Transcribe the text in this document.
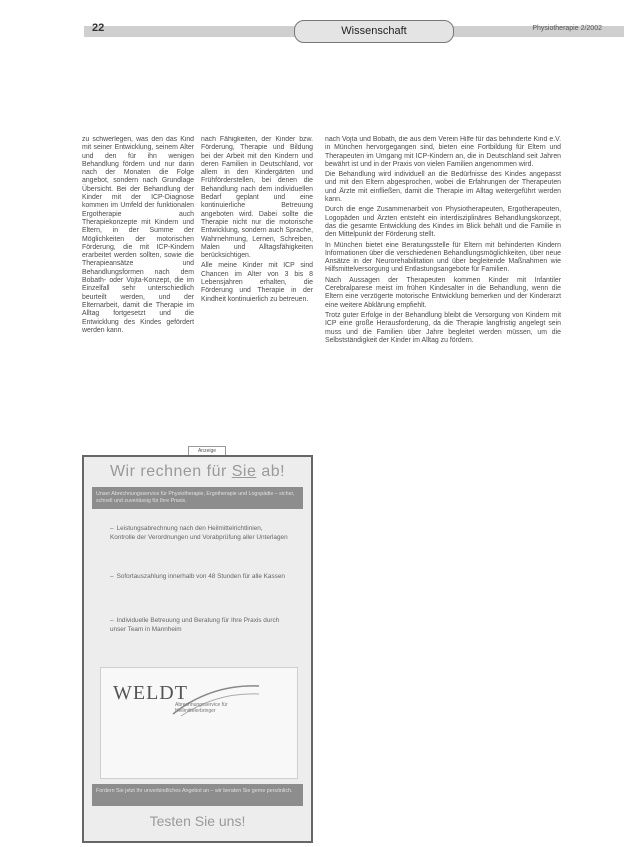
22	Wissenschaft	Physiotherapie 2/2002

zu schwerlegen, was den das Kind mit seiner Entwicklung, seinem Alter und den für ihn wenigen Behandlung fördern und nur darin nach der Monaten die Folge angebot, sondern nach Grundlage Übersicht. Bei der Behandlung der Kinder mit der ICP-Diagnose kommen im Umfeld der funktionalen Ergotherapie auch Therapiekonzepte mit Kindern und Eltern, in der Summe der Möglichkeiten der motorischen Förderung, die mit ICP-Kindern erarbeitet werden sollten, sowie die Therapieansätze und Behandlungsformen nach dem Bobath- oder Vojta-Konzept, die im Einzelfall sehr unterschiedlich beurteilt werden, und der Elternarbeit, damit die Therapie im Alltag fortgesetzt und die Entwicklung des Kindes gefördert werden kann.

nach Fähigkeiten, der Kinder bzw. Förderung, Therapie und Bildung bei der Arbeit mit den Kindern und deren Familien in Deutschland, vor allem in den Kindergärten und Frühförderstellen, bei denen die Behandlung nach dem individuellen Bedarf geplant und eine kontinuierliche Betreuung angeboten wird. Dabei sollte die Therapie nicht nur die motorische Entwicklung, sondern auch Sprache, Wahrnehmung, Lernen, Schreiben, Malen und Alltagsfähigkeiten berücksichtigen.

Alle meine Kinder mit ICP sind Chancen im Alter von 3 bis 8 Lebensjahren erhalten, die Förderung und Therapie in der Kindheit kontinuierlich zu betreuen.

nach Vojta und Bobath, die aus dem Verein Hilfe für das behinderte Kind e.V. in München hervorgegangen sind, bieten eine Fortbildung für Eltern und Therapeuten im Umgang mit ICP-Kindern an, die in Deutschland seit Jahren bewährt ist und in der Praxis von vielen Familien angenommen wird.

Die Behandlung wird individuell an die Bedürfnisse des Kindes angepasst und mit den Eltern abgesprochen, wobei die Erfahrungen der Therapeuten und Ärzte mit einfließen, damit die Therapie im Alltag weitergeführt werden kann.

Durch die enge Zusammenarbeit von Physiotherapeuten, Ergotherapeuten, Logopäden und Ärzten entsteht ein interdisziplinäres Behandlungskonzept, das die gesamte Entwicklung des Kindes im Blick behält und die Familie in den Mittelpunkt der Förderung stellt.

In München bietet eine Beratungsstelle für Eltern mit behinderten Kindern Informationen über die verschiedenen Behandlungsmöglichkeiten, über neue Ansätze in der Neurorehabilitation und über begleitende Maßnahmen wie Hilfsmittelversorgung und Entlastungsangebote für Familien.

Nach Aussagen der Therapeuten kommen Kinder mit Infantiler Cerebralparese meist im frühen Kindesalter in die Behandlung, wenn die Eltern eine verzögerte motorische Entwicklung bemerken und der Kinderarzt eine weitere Abklärung empfiehlt.

Trotz guter Erfolge in der Behandlung bleibt die Versorgung von Kindern mit ICP eine große Herausforderung, da die Therapie langfristig angelegt sein muss und die Familien über Jahre begleitet werden müssen, um die Selbstständigkeit der Kinder im Alltag zu fördern.

Anzeige
Wir rechnen für Sie ab!
Unser Abrechnungsservice für Physiotherapie, Ergotherapie und Logopädie – sicher, schnell und zuverlässig für Ihre Praxis.
– Leistungsabrechnung nach den Heilmittelrichtlinien, Kontrolle der Verordnungen und Vorabprüfung aller Unterlagen
– Sofortauszahlung innerhalb von 48 Stunden für alle Kassen
– Individuelle Betreuung und Beratung für Ihre Praxis durch unser Team in Mannheim
WELDT
Abrechnungsservice für Heilmittelerbringer
Fordern Sie jetzt Ihr unverbindliches Angebot an – wir beraten Sie gerne persönlich.
Testen Sie uns!
